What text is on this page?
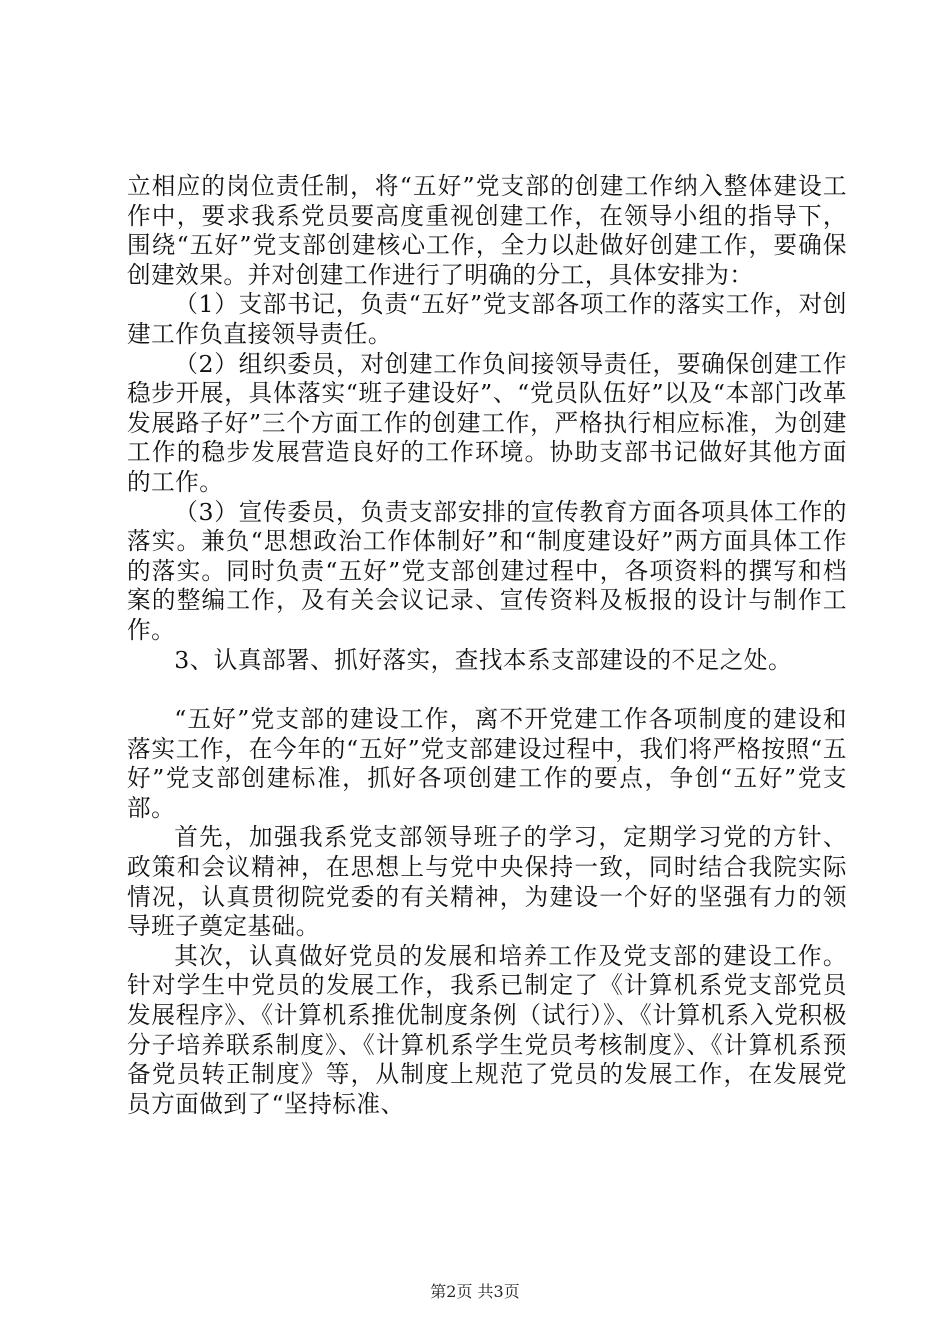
立相应的岗位责任制，将“五好”党支部的创建工作纳入整体建设工作中，要求我系党员要高度重视创建工作，在领导小组的指导下，围绕“五好”党支部创建核心工作，全力以赴做好创建工作，要确保创建效果。并对创建工作进行了明确的分工，具体安排为：

（1）支部书记，负责“五好”党支部各项工作的落实工作，对创建工作负直接领导责任。

（2）组织委员，对创建工作负间接领导责任，要确保创建工作稳步开展，具体落实“班子建设好”、“党员队伍好”以及“本部门改革发展路子好”三个方面工作的创建工作，严格执行相应标准，为创建工作的稳步发展营造良好的工作环境。协助支部书记做好其他方面的工作。

（3）宣传委员，负责支部安排的宣传教育方面各项具体工作的落实。兼负“思想政治工作体制好”和“制度建设好”两方面具体工作的落实。同时负责“五好”党支部创建过程中，各项资料的撰写和档案的整编工作，及有关会议记录、宣传资料及板报的设计与制作工作。

3、认真部署、抓好落实，查找本系支部建设的不足之处。

“五好”党支部的建设工作，离不开党建工作各项制度的建设和落实工作，在今年的“五好”党支部建设过程中，我们将严格按照“五好”党支部创建标准，抓好各项创建工作的要点，争创“五好”党支部。

首先，加强我系党支部领导班子的学习，定期学习党的方针、政策和会议精神，在思想上与党中央保持一致，同时结合我院实际情况，认真贯彻院党委的有关精神，为建设一个好的坚强有力的领导班子奠定基础。

其次，认真做好党员的发展和培养工作及党支部的建设工作。针对学生中党员的发展工作，我系已制定了《计算机系党支部党员发展程序》、《计算机系推优制度条例（试行）》、《计算机系入党积极分子培养联系制度》、《计算机系学生党员考核制度》、《计算机系预备党员转正制度》等，从制度上规范了党员的发展工作，在发展党员方面做到了“坚持标准、

第2页 共3页
